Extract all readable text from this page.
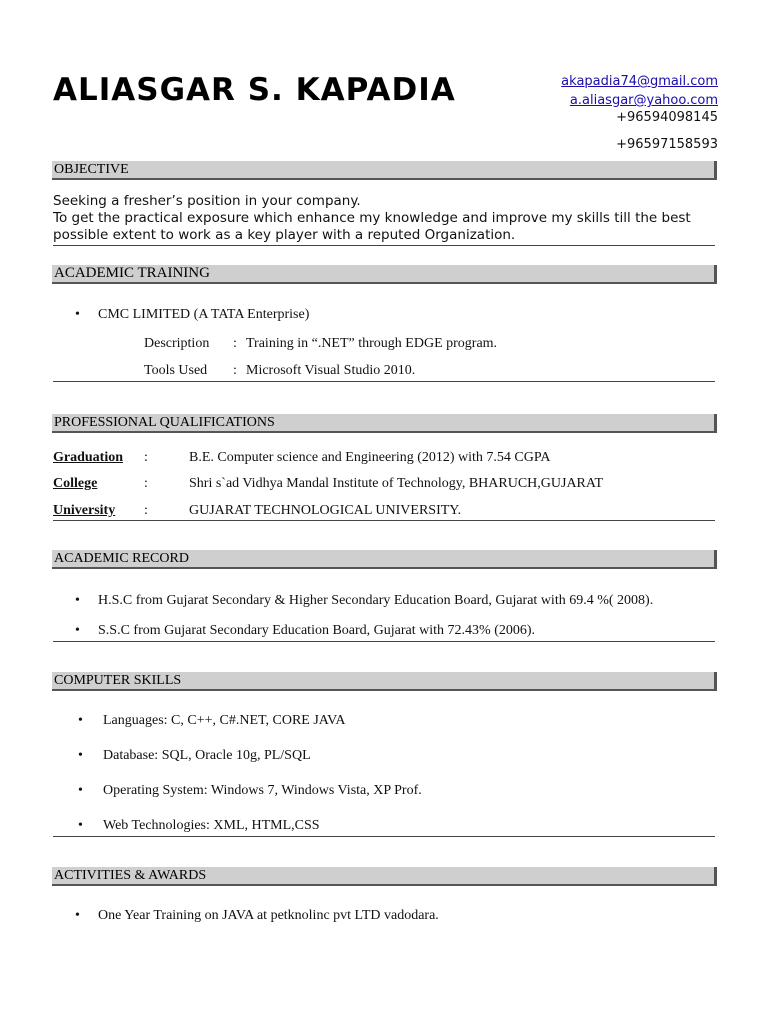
ALIASGAR S. KAPADIA	akapadia74@gmail.com
a.aliasgar@yahoo.com
+96594098145
+96597158593
OBJECTIVE
Seeking a fresher’s position in your company.
To get the practical exposure which enhance my knowledge and improve my skills till the best
possible extent to work as a key player with a reputed Organization.
ACADEMIC TRAINING
• CMC LIMITED (A TATA Enterprise)
Description : Training in “.NET” through EDGE program.
Tools Used : Microsoft Visual Studio 2010.
PROFESSIONAL QUALIFICATIONS
Graduation :	B.E. Computer science and Engineering (2012) with 7.54 CGPA
College	:	Shri s`ad Vidhya Mandal Institute of Technology, BHARUCH,GUJARAT
University :	GUJARAT TECHNOLOGICAL UNIVERSITY.
ACADEMIC RECORD
• H.S.C from Gujarat Secondary & Higher Secondary Education Board, Gujarat with 69.4 %( 2008).
• S.S.C from Gujarat Secondary Education Board, Gujarat with 72.43% (2006).
COMPUTER SKILLS
• Languages: C, C++, C#.NET, CORE JAVA
• Database: SQL, Oracle 10g, PL/SQL
• Operating System: Windows 7, Windows Vista, XP Prof.
• Web Technologies: XML, HTML,CSS
ACTIVITIES & AWARDS
• One Year Training on JAVA at petknolinc pvt LTD vadodara.
